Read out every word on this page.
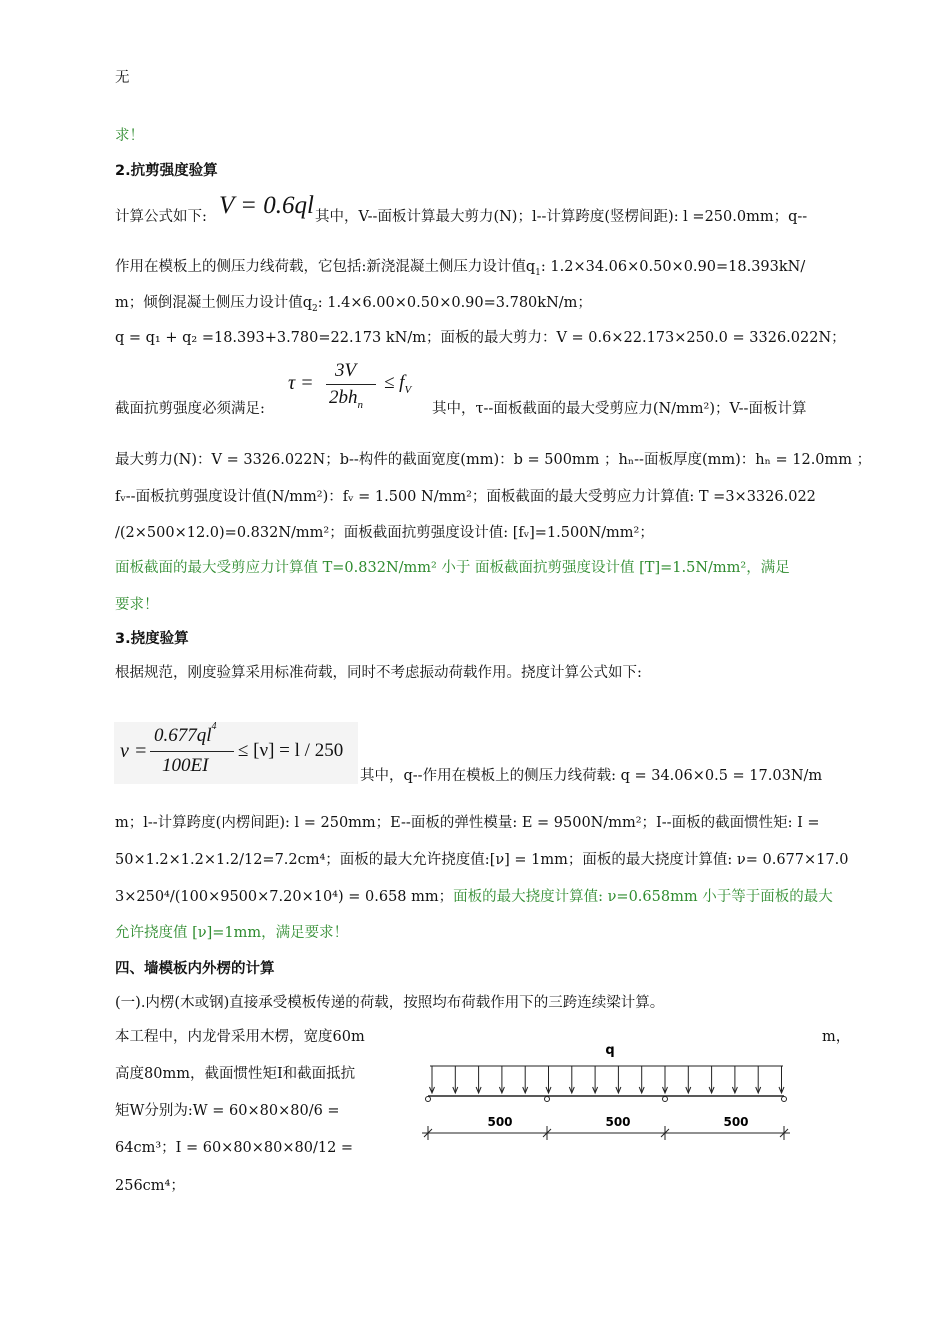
无
求！
2.抗剪强度验算
计算公式如下: V = 0.6ql 其中，V--面板计算最大剪力(N)；l--计算跨度(竖楞间距): l =250.0mm；q--
作用在模板上的侧压力线荷载，它包括:新浇混凝土侧压力设计值$q_1$: 1.2×34.06×0.50×0.90=18.393kN/
m；倾倒混凝土侧压力设计值$q_2$: 1.4×6.00×0.50×0.90=3.780kN/m；
q = q₁ + q₂ =18.393+3.780=22.173 kN/m；面板的最大剪力：V = 0.6×22.173×250.0 = 3326.022N；
截面抗剪强度必须满足:
τ =
3V
$2bh_n$
≤ $f_V$
其中，τ--面板截面的最大受剪应力(N/mm²)；V--面板计算
最大剪力(N)：V = 3326.022N；b--构件的截面宽度(mm)：b = 500mm ；hₙ--面板厚度(mm)：hₙ = 12.0mm ；
fᵥ--面板抗剪强度设计值(N/mm²)：fᵥ = 1.500 N/mm²；面板截面的最大受剪应力计算值: T =3×3326.022
/(2×500×12.0)=0.832N/mm²；面板截面抗剪强度设计值: [fᵥ]=1.500N/mm²；
面板截面的最大受剪应力计算值 T=0.832N/mm² 小于 面板截面抗剪强度设计值 [T]=1.5N/mm²，满足
要求！
3.挠度验算
根据规范，刚度验算采用标准荷载，同时不考虑振动荷载作用。挠度计算公式如下:
ν =
$0.677ql^4$
100EI
≤ [ν] = l / 250
其中，q--作用在模板上的侧压力线荷载: q = 34.06×0.5 = 17.03N/m
m；l--计算跨度(内楞间距): l = 250mm；E--面板的弹性模量: E = 9500N/mm²；I--面板的截面惯性矩: I =
50×1.2×1.2×1.2/12=7.2cm⁴；面板的最大允许挠度值:[ν] = 1mm；面板的最大挠度计算值: ν= 0.677×17.0
3×250⁴/(100×9500×7.20×10⁴) = 0.658 mm；面板的最大挠度计算值: ν=0.658mm 小于等于面板的最大
允许挠度值 [ν]=1mm，满足要求！
四、墙模板内外楞的计算
(一).内楞(木或钢)直接承受模板传递的荷载，按照均布荷载作用下的三跨连续梁计算。
本工程中，内龙骨采用木楞，宽度60m	m，
高度80mm，截面惯性矩I和截面抵抗
矩W分别为:W = 60×80×80/6 =
64cm³；I = 60×80×80×80/12 =
256cm⁴；
q
500	500	500
